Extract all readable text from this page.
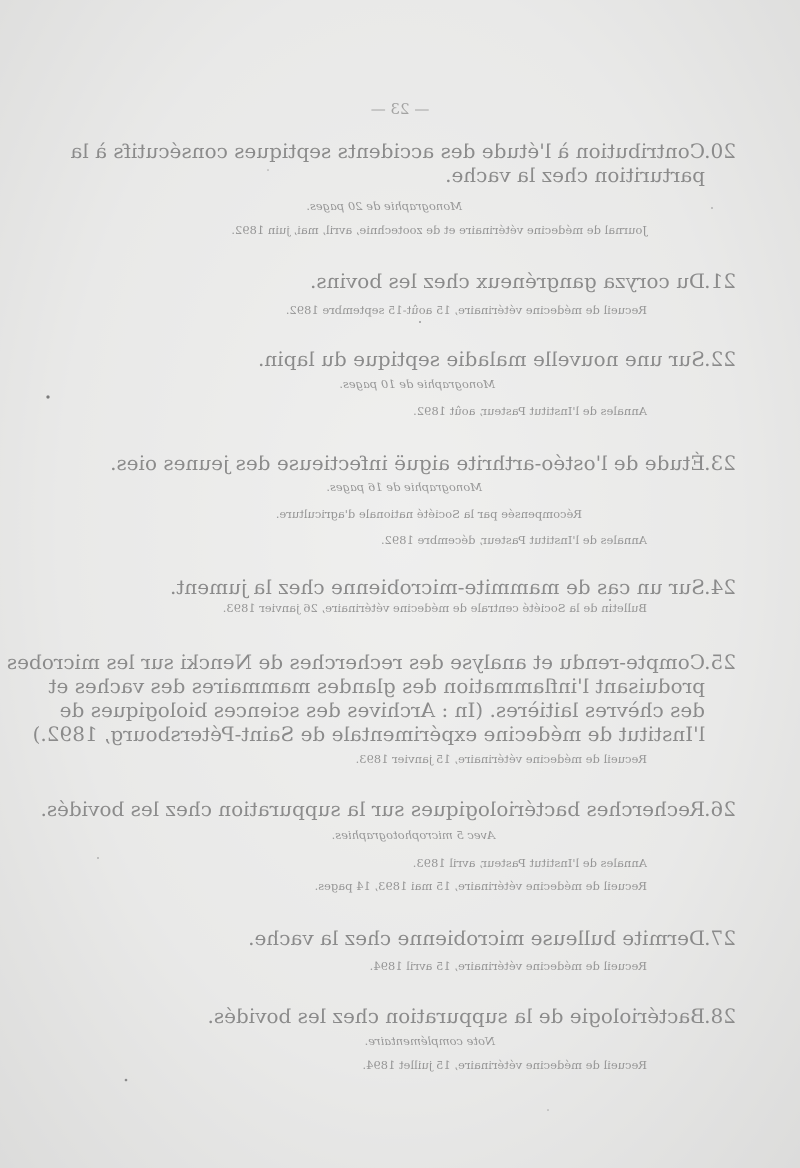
— 23 —
20.
Contribution à l'étude des accidents septiques consécutifs à la
parturition chez la vache.
Monographie de 20 pages.
Journal de médecine vétérinaire et de zootechnie, avril, mai, juin 1892.
21.
Du coryza gangréneux chez les bovins.
Recueil de médecine vétérinaire, 15 août-15 septembre 1892.
22.
Sur une nouvelle maladie septique du lapin.
Monographie de 10 pages.
Annales de l'Institut Pasteur, août 1892.
23.
Étude de l'ostéo-arthrite aiguë infectieuse des jeunes oies.
Monographie de 16 pages.
Récompensée par la Société nationale d'agriculture.
Annales de l'Institut Pasteur, décembre 1892.
24.
Sur un cas de mammite-microbienne chez la jument.
Bulletin de la Société centrale de médecine vétérinaire, 26 janvier 1893.
25.
Compte-rendu et analyse des recherches de Nencki sur les microbes
produisant l'inflammation des glandes mammaires des vaches et
des chèvres laitières. (In : Archives des sciences biologiques de
l'Institut de médecine expérimentale de Saint-Pétersbourg, 1892.)
Recueil de médecine vétérinaire, 15 janvier 1893.
26.
Recherches bactériologiques sur la suppuration chez les bovidés.
Avec 5 microphotographies.
Annales de l'Institut Pasteur, avril 1893.
Recueil de médecine vétérinaire, 15 mai 1893, 14 pages.
27.
Dermite bulleuse microbienne chez la vache.
Recueil de médecine vétérinaire, 15 avril 1894.
28.
Bactériologie de la suppuration chez les bovidés.
Note complémentaire.
Recueil de médecine vétérinaire, 15 juillet 1894.
